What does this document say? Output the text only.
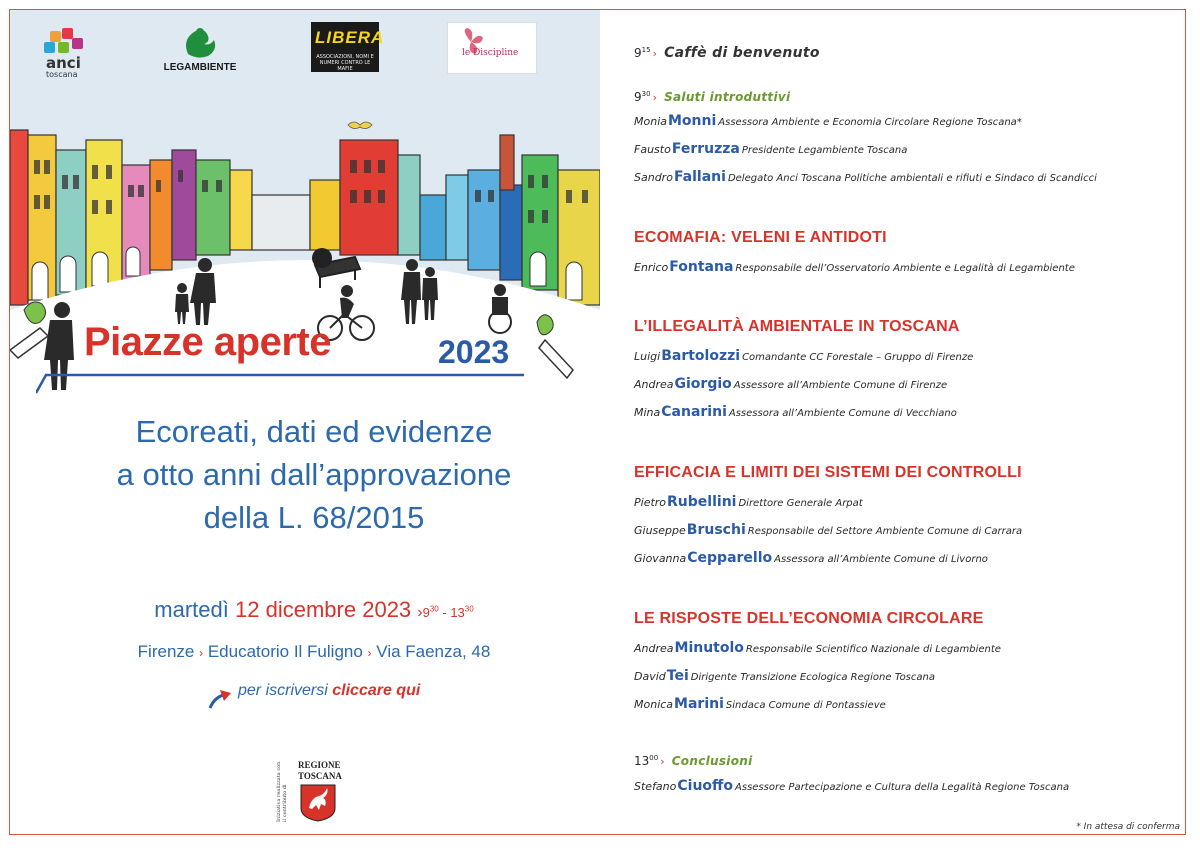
anci
toscana
LEGAMBIENTE
LIBERA
ASSOCIAZIONI, NOMI E NUMERI CONTRO LE MAFIE
le Discipline
Piazze aperte	2023
Ecoreati, dati ed evidenze
a otto anni dall’approvazione
della L. 68/2015
martedì 12 dicembre 2023 $›9^{30} - 13^{30}$
Firenze › Educatorio Il Fuligno › Via Faenza, 48
per iscriversi cliccare qui
Iniziativa realizzata con il contributo di
REGIONE
TOSCANA
$9^{15}$ › Caffè di benvenuto
$9^{30}$ › Saluti introduttivi
MoniaMonni Assessora Ambiente e Economia Circolare Regione Toscana*
FaustoFerruzza Presidente Legambiente Toscana
SandroFallani Delegato Anci Toscana Politiche ambientali e rifiuti e Sindaco di Scandicci
ECOMAFIA: VELENI E ANTIDOTI
EnricoFontana Responsabile dell’Osservatorio Ambiente e Legalità di Legambiente
L’ILLEGALITÀ AMBIENTALE IN TOSCANA
LuigiBartolozzi Comandante CC Forestale – Gruppo di Firenze
AndreaGiorgio Assessore all’Ambiente Comune di Firenze
MinaCanarini Assessora all’Ambiente Comune di Vecchiano
EFFICACIA E LIMITI DEI SISTEMI DEI CONTROLLI
PietroRubellini Direttore Generale Arpat
GiuseppeBruschi Responsabile del Settore Ambiente Comune di Carrara
GiovannaCepparello Assessora all’Ambiente Comune di Livorno
LE RISPOSTE DELL’ECONOMIA CIRCOLARE
AndreaMinutolo Responsabile Scientifico Nazionale di Legambiente
DavidTei Dirigente Transizione Ecologica Regione Toscana
MonicaMarini Sindaca Comune di Pontassieve
$13^{00}$ › Conclusioni
StefanoCiuoffo Assessore Partecipazione e Cultura della Legalità Regione Toscana
* In attesa di conferma
